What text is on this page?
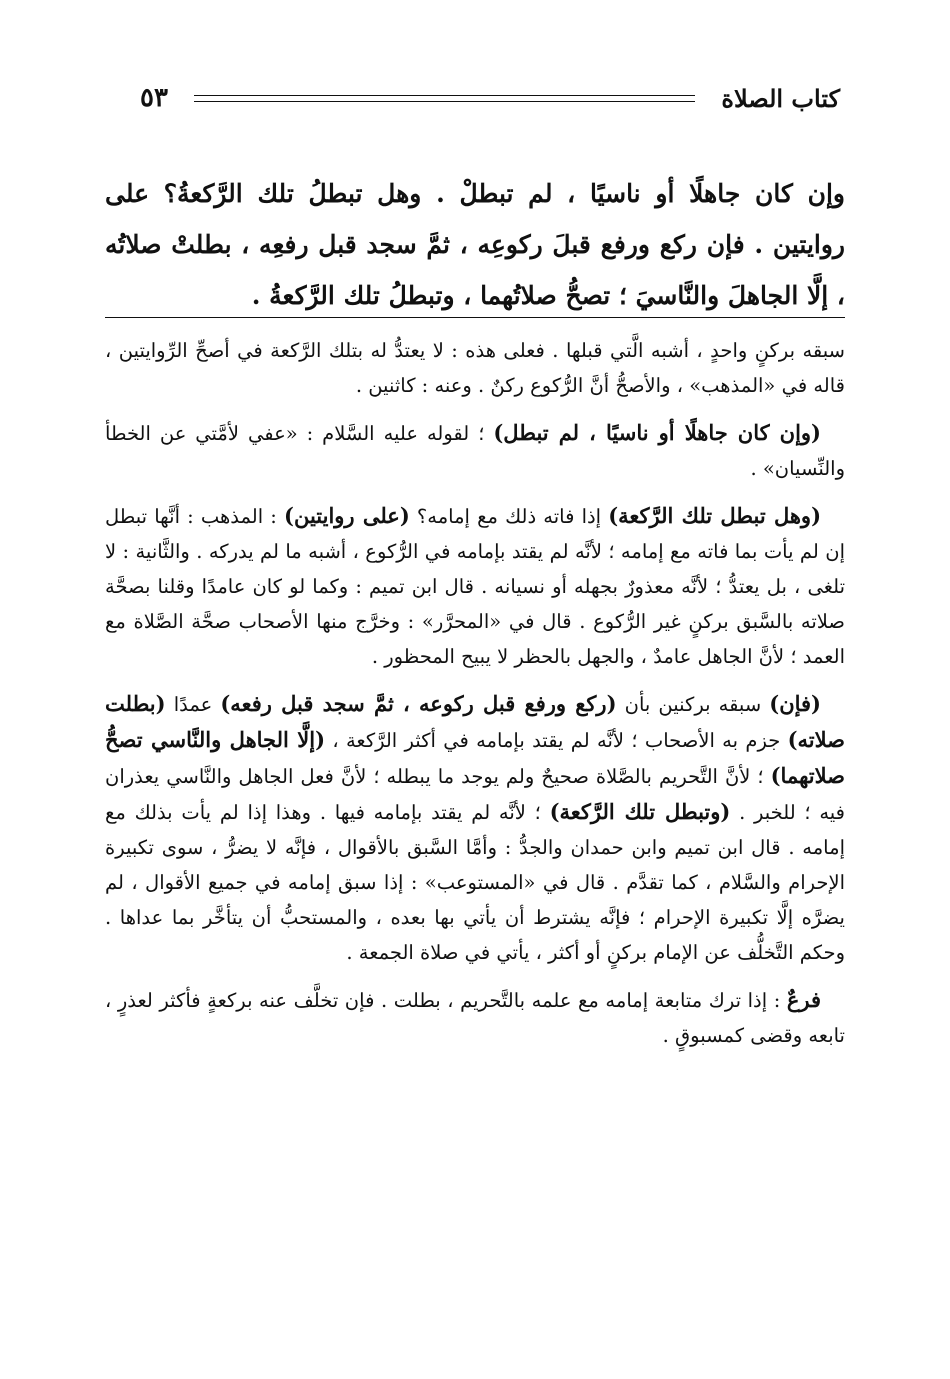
كتاب الصلاة
٥٣
وإن كان جاهلًا أو ناسيًا ، لم تبطلْ . وهل تبطلُ تلك الرَّكعةُ؟ على روايتين . فإن ركع ورفع قبلَ ركوعِه ، ثمَّ سجد قبل رفعِه ، بطلتْ صلاتُه ، إلَّا الجاهلَ والنَّاسيَ ؛ تصحُّ صلاتُهما ، وتبطلُ تلك الرَّكعةُ .

سبقه بركنٍ واحدٍ ، أشبه الَّتي قبلها . فعلى هذه : لا يعتدُّ له بتلك الرَّكعة في أصحِّ الرِّوايتين ، قاله في «المذهب» ، والأصحُّ أنَّ الرُّكوع ركنٌ . وعنه : كاثنين .

(وإن كان جاهلًا أو ناسيًا ، لم تبطل) ؛ لقوله عليه السَّلام : «عفي لأمَّتي عن الخطأ والنِّسيان» .

(وهل تبطل تلك الرَّكعة) إذا فاته ذلك مع إمامه؟ (على روايتين) : المذهب : أنَّها تبطل إن لم يأت بما فاته مع إمامه ؛ لأنَّه لم يقتد بإمامه في الرُّكوع ، أشبه ما لم يدركه . والثَّانية : لا تلغى ، بل يعتدُّ ؛ لأنَّه معذورٌ بجهله أو نسيانه . قال ابن تميم : وكما لو كان عامدًا وقلنا بصحَّة صلاته بالسَّبق بركنٍ غير الرُّكوع . قال في «المحرَّر» : وخرَّج منها الأصحاب صحَّة الصَّلاة مع العمد ؛ لأنَّ الجاهل عامدٌ ، والجهل بالحظر لا يبيح المحظور .

(فإن) سبقه بركنين بأن (ركع ورفع قبل ركوعه ، ثمَّ سجد قبل رفعه) عمدًا (بطلت صلاته) جزم به الأصحاب ؛ لأنَّه لم يقتد بإمامه في أكثر الرَّكعة ، (إلَّا الجاهل والنَّاسي تصحُّ صلاتهما) ؛ لأنَّ التَّحريم بالصَّلاة صحيحٌ ولم يوجد ما يبطله ؛ لأنَّ فعل الجاهل والنَّاسي يعذران فيه ؛ للخبر . (وتبطل تلك الرَّكعة) ؛ لأنَّه لم يقتد بإمامه فيها . وهذا إذا لم يأت بذلك مع إمامه . قال ابن تميم وابن حمدان والجدُّ : وأمَّا السَّبق بالأقوال ، فإنَّه لا يضرُّ ، سوى تكبيرة الإحرام والسَّلام ، كما تقدَّم . قال في «المستوعب» : إذا سبق إمامه في جميع الأقوال ، لم يضرَّه إلَّا تكبيرة الإحرام ؛ فإنَّه يشترط أن يأتي بها بعده ، والمستحبُّ أن يتأخَّر بما عداها . وحكم التَّخلُّف عن الإمام بركنٍ أو أكثر ، يأتي في صلاة الجمعة .

فرعٌ : إذا ترك متابعة إمامه مع علمه بالتَّحريم ، بطلت . فإن تخلَّف عنه بركعةٍ فأكثر لعذرٍ ، تابعه وقضى كمسبوقٍ .
